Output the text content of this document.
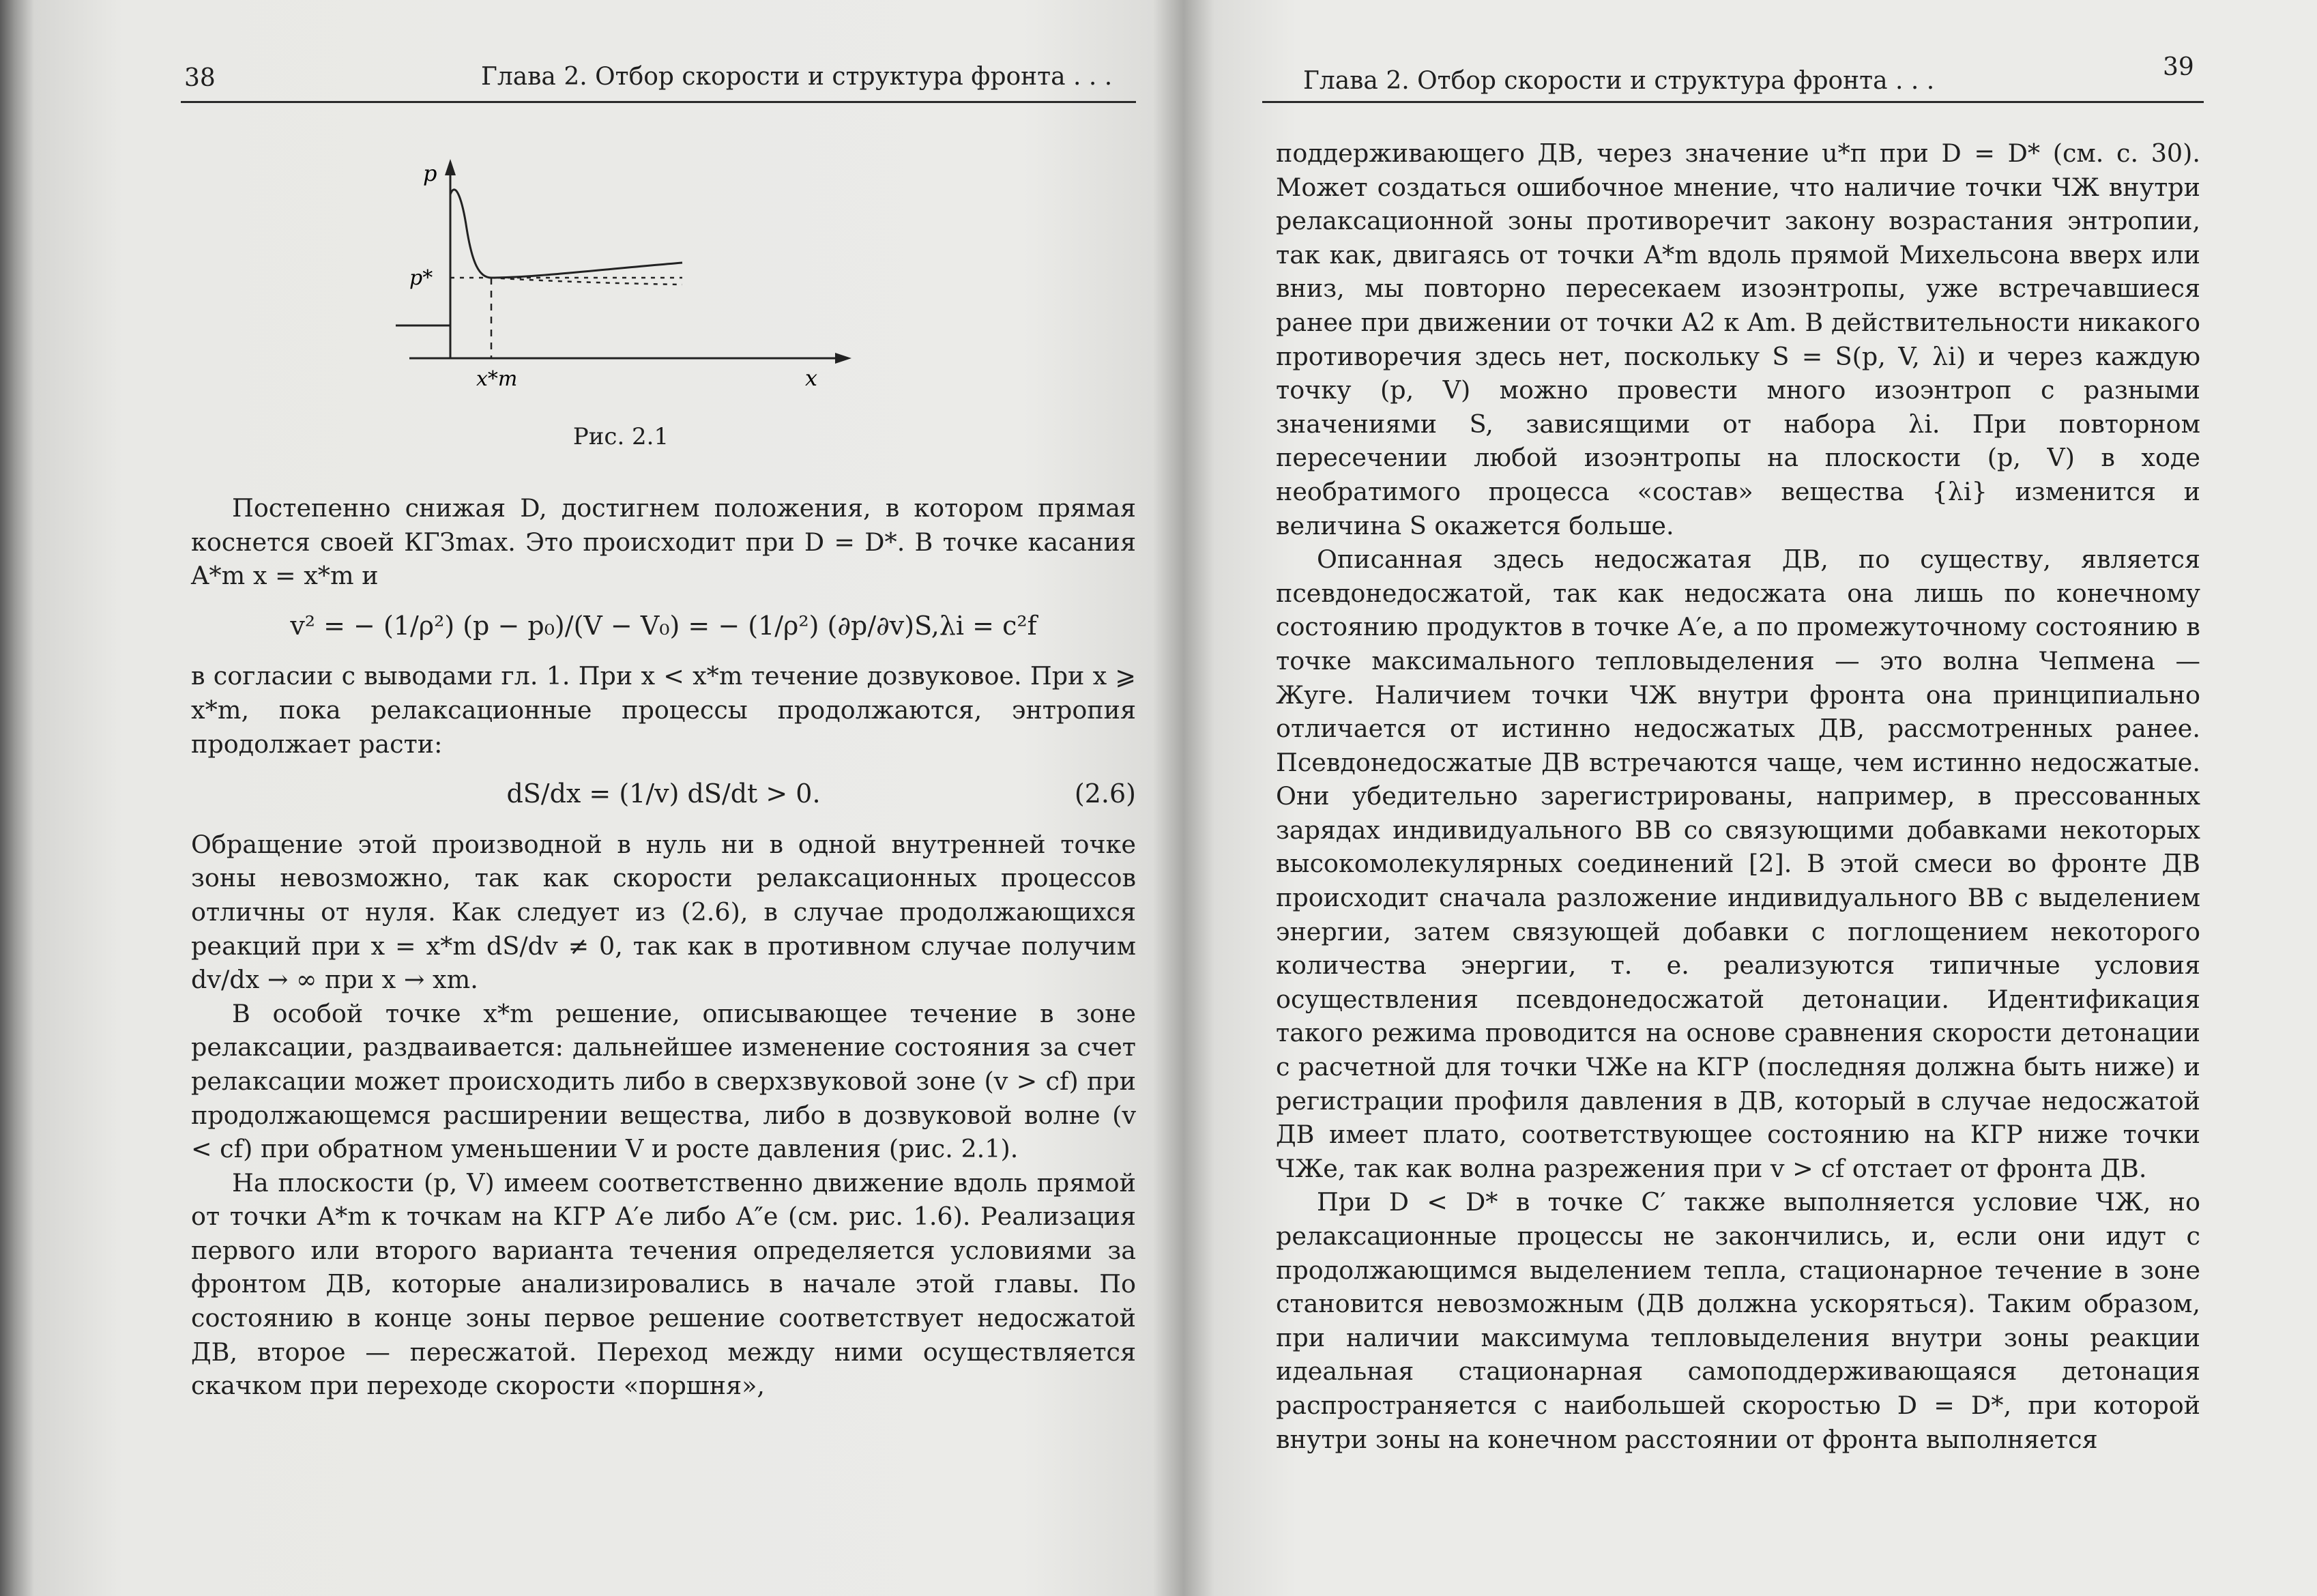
38	Глава 2. Отбор скорости и структура фронта . . .
p
p*
x*m	x
Рис. 2.1

Постепенно снижая D, достигнем положения, в котором прямая коснется своей КГЗmax. Это происходит при D = D*. В точке касания A*m x = x*m и

v² = − (1/ρ²) (p − p₀)/(V − V₀) = − (1/ρ²) (∂p/∂v)S,λi = c²f

в согласии с выводами гл. 1. При x < x*m течение дозвуковое. При x ⩾ x*m, пока релаксационные процессы продолжаются, энтропия продолжает расти:

dS/dx = (1/v) dS/dt > 0.	(2.6)

Обращение этой производной в нуль ни в одной внутренней точке зоны невозможно, так как скорости релаксационных процессов отличны от нуля. Как следует из (2.6), в случае продолжающихся реакций при x = x*m dS/dv ≠ 0, так как в противном случае получим dv/dx → ∞ при x → xm.

В особой точке x*m решение, описывающее течение в зоне релаксации, раздваивается: дальнейшее изменение состояния за счет релаксации может происходить либо в сверхзвуковой зоне (v > cf) при продолжающемся расширении вещества, либо в дозвуковой волне (v < cf) при обратном уменьшении V и росте давления (рис. 2.1).

На плоскости (p, V) имеем соответственно движение вдоль прямой от точки A*m к точкам на КГР A′e либо A″e (см. рис. 1.6). Реализация первого или второго варианта течения определяется условиями за фронтом ДВ, которые анализировались в начале этой главы. По состоянию в конце зоны первое решение соответствует недосжатой ДВ, второе — пересжатой. Переход между ними осуществляется скачком при переходе скорости «поршня»,

Глава 2. Отбор скорости и структура фронта . . .	39

поддерживающего ДВ, через значение u*п при D = D* (см. с. 30). Может создаться ошибочное мнение, что наличие точки ЧЖ внутри релаксационной зоны противоречит закону возрастания энтропии, так как, двигаясь от точки A*m вдоль прямой Михельсона вверх или вниз, мы повторно пересекаем изоэнтропы, уже встречавшиеся ранее при движении от точки A2 к Am. В действительности никакого противоречия здесь нет, поскольку S = S(p, V, λi) и через каждую точку (p, V) можно провести много изоэнтроп с разными значениями S, зависящими от набора λi. При повторном пересечении любой изоэнтропы на плоскости (p, V) в ходе необратимого процесса «состав» вещества {λi} изменится и величина S окажется больше.

Описанная здесь недосжатая ДВ, по существу, является псевдонедосжатой, так как недосжата она лишь по конечному состоянию продуктов в точке A′e, а по промежуточному состоянию в точке максимального тепловыделения — это волна Чепмена — Жуге. Наличием точки ЧЖ внутри фронта она принципиально отличается от истинно недосжатых ДВ, рассмотренных ранее. Псевдонедосжатые ДВ встречаются чаще, чем истинно недосжатые. Они убедительно зарегистрированы, например, в прессованных зарядах индивидуального ВВ со связующими добавками некоторых высокомолекулярных соединений [2]. В этой смеси во фронте ДВ происходит сначала разложение индивидуального ВВ с выделением энергии, затем связующей добавки с поглощением некоторого количества энергии, т. е. реализуются типичные условия осуществления псевдонедосжатой детонации. Идентификация такого режима проводится на основе сравнения скорости детонации с расчетной для точки ЧЖe на КГР (последняя должна быть ниже) и регистрации профиля давления в ДВ, который в случае недосжатой ДВ имеет плато, соответствующее состоянию на КГР ниже точки ЧЖe, так как волна разрежения при v > cf отстает от фронта ДВ.

При D < D* в точке C′ также выполняется условие ЧЖ, но релаксационные процессы не закончились, и, если они идут с продолжающимся выделением тепла, стационарное течение в зоне становится невозможным (ДВ должна ускоряться). Таким образом, при наличии максимума тепловыделения внутри зоны реакции идеальная стационарная самоподдерживающаяся детонация распространяется с наибольшей скоростью D = D*, при которой внутри зоны на конечном расстоянии от фронта выполняется
